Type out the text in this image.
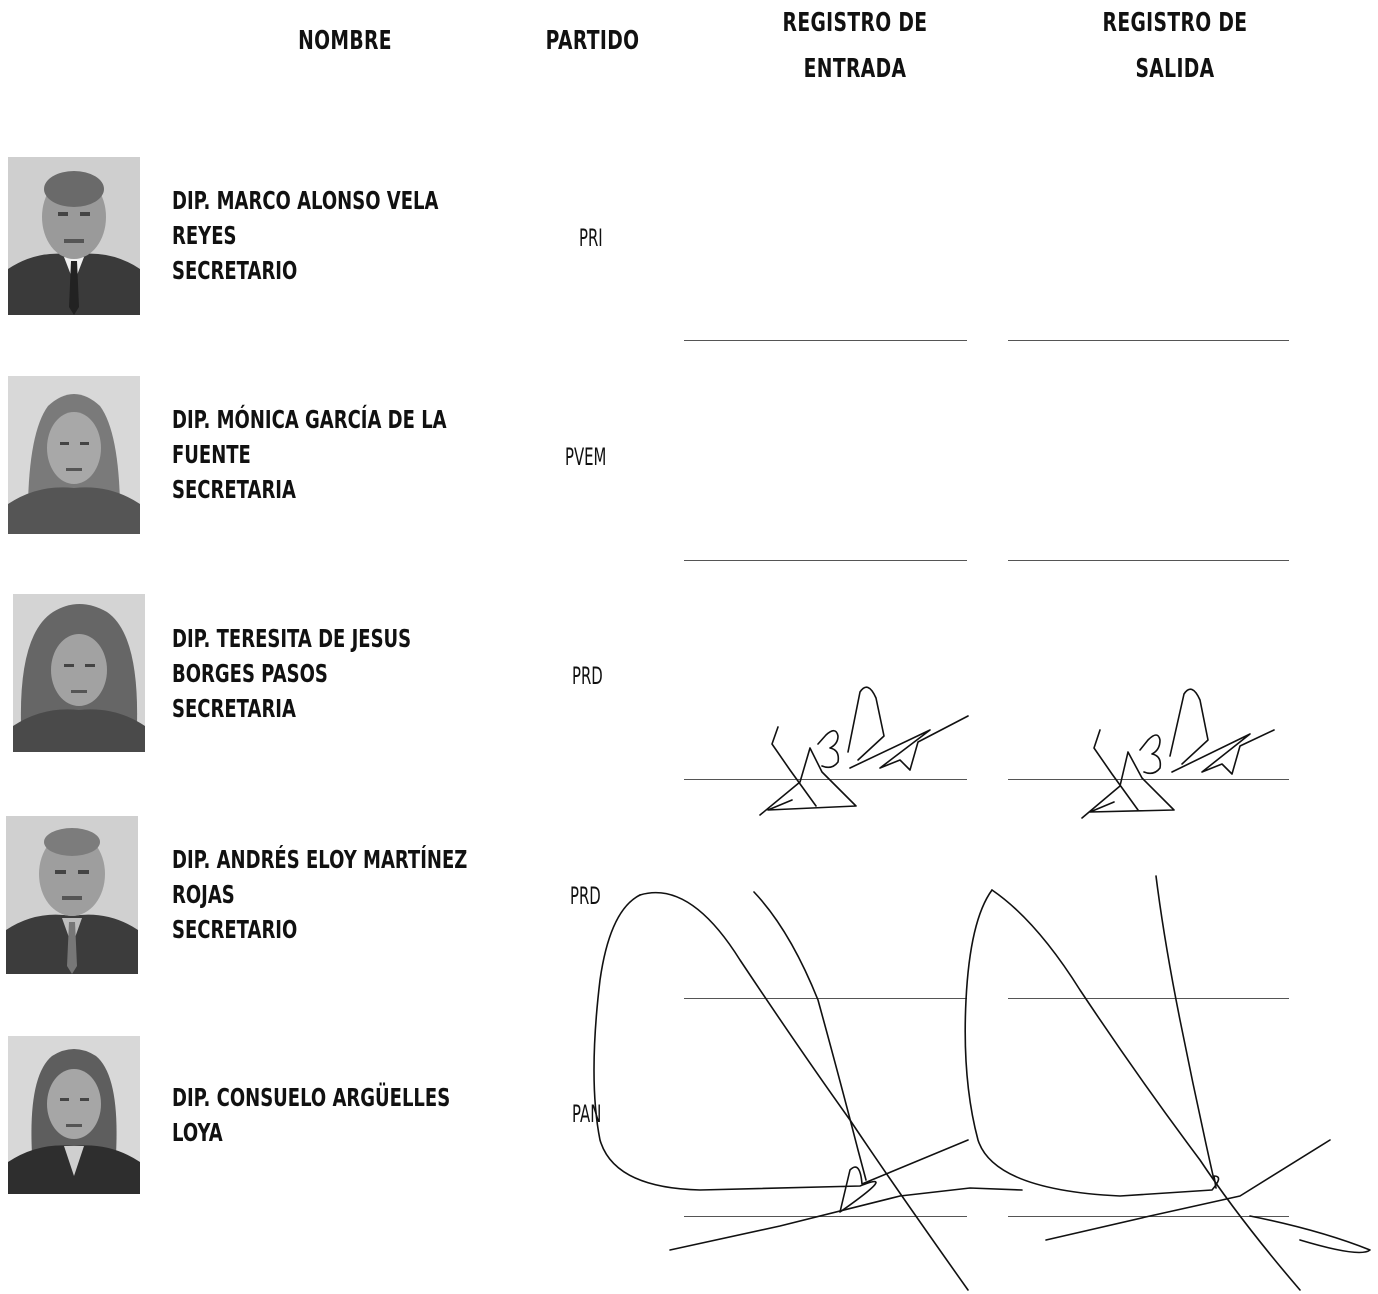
NOMBRE	PARTIDO
REGISTRO DE
ENTRADA
REGISTRO DE
SALIDA
DIP. MARCO ALONSO VELA
REYES
SECRETARIO
PRI
DIP. MÓNICA GARCÍA DE LA
FUENTE
SECRETARIA
PVEM
DIP. TERESITA DE JESUS
BORGES PASOS
SECRETARIA
PRD
DIP. ANDRÉS ELOY MARTÍNEZ
ROJAS
SECRETARIO
PRD
DIP. CONSUELO ARGÜELLES
LOYA
PAN
